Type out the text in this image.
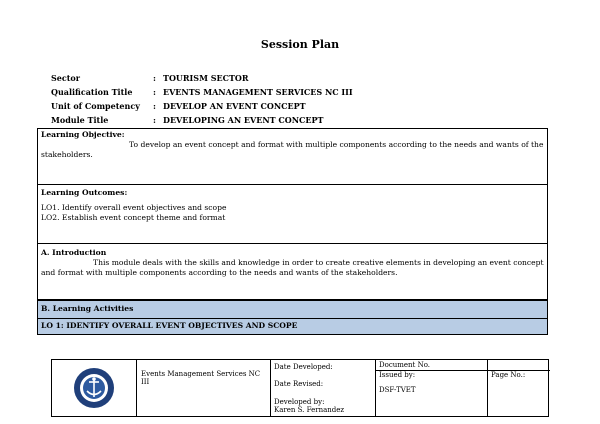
Session Plan
Sector	: TOURISM SECTOR
Qualification Title	: EVENTS MANAGEMENT SERVICES NC III
Unit of Competency	: DEVELOP AN EVENT CONCEPT
Module Title	: DEVELOPING AN EVENT CONCEPT
Learning Objective:
To develop an event concept and format with multiple components according to the needs and wants of the stakeholders.
Learning Outcomes:
LO1. Identify overall event objectives and scope
LO2. Establish event concept theme and format
A. Introduction
This module deals with the skills and knowledge in order to create creative elements in developing an event concept and format with multiple components according to the needs and wants of the stakeholders.
B. Learning Activities
LO 1: IDENTIFY OVERALL EVENT OBJECTIVES AND SCOPE
Events Management Services NC III
Date Developed:
Date Revised:
Developed by:
Karen S. Fernandez
Document No.
Issued by:
DSF-TVET
Page No.:
